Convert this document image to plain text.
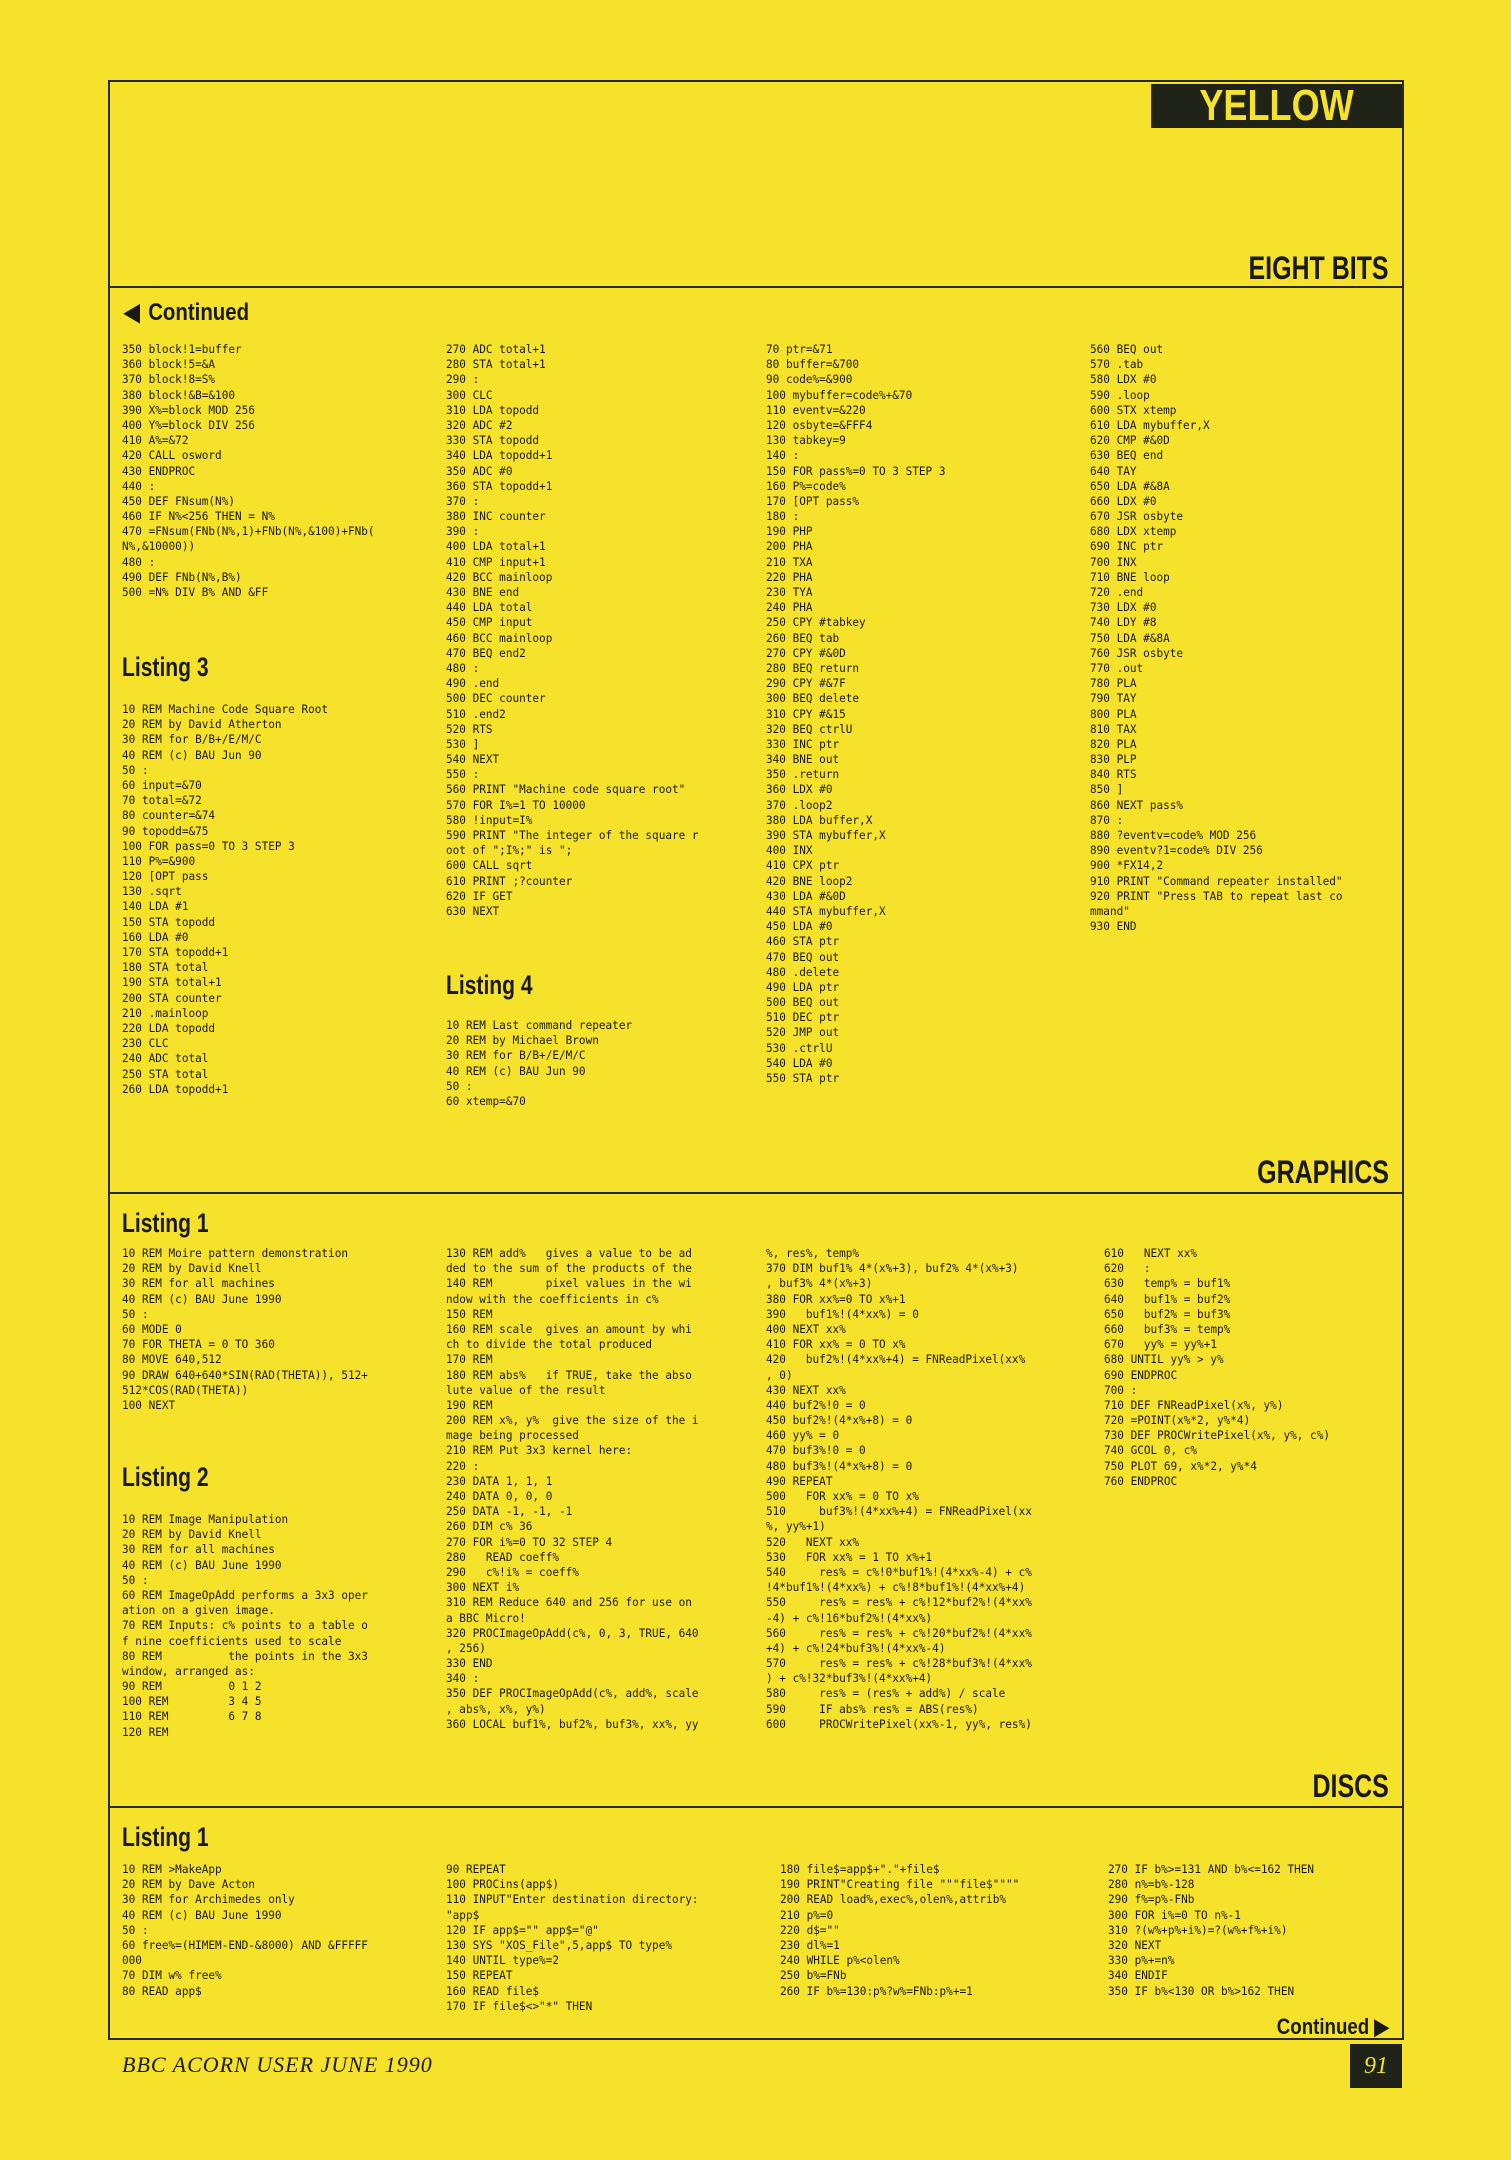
YELLOW PAGES
EIGHT BITS
◀ Continued
350 block!1=buffer
360 block!5=&A
370 block!8=S%
380 block!&B=&100
390 X%=block MOD 256
400 Y%=block DIV 256
410 A%=&72
420 CALL osword
430 ENDPROC
440 :
450 DEF FNsum(N%)
460 IF N%<256 THEN = N%
470 =FNsum(FNb(N%,1)+FNb(N%,&100)+FNb(
N%,&10000))
480 :
490 DEF FNb(N%,B%)
500 =N% DIV B% AND &FF
Listing 3
10 REM Machine Code Square Root
20 REM by David Atherton
30 REM for B/B+/E/M/C
40 REM (c) BAU Jun 90
50 :
60 input=&70
70 total=&72
80 counter=&74
90 topodd=&75
100 FOR pass=0 TO 3 STEP 3
110 P%=&900
120 [OPT pass
130 .sqrt
140 LDA #1
150 STA topodd
160 LDA #0
170 STA topodd+1
180 STA total
190 STA total+1
200 STA counter
210 .mainloop
220 LDA topodd
230 CLC
240 ADC total
250 STA total
260 LDA topodd+1
270 ADC total+1
280 STA total+1
290 :
300 CLC
310 LDA topodd
320 ADC #2
330 STA topodd
340 LDA topodd+1
350 ADC #0
360 STA topodd+1
370 :
380 INC counter
390 :
400 LDA total+1
410 CMP input+1
420 BCC mainloop
430 BNE end
440 LDA total
450 CMP input
460 BCC mainloop
470 BEQ end2
480 :
490 .end
500 DEC counter
510 .end2
520 RTS
530 ]
540 NEXT
550 :
560 PRINT "Machine code square root"
570 FOR I%=1 TO 10000
580 !input=I%
590 PRINT "The integer of the square r
oot of ";I%;" is ";
600 CALL sqrt
610 PRINT ;?counter
620 IF GET
630 NEXT
Listing 4
10 REM Last command repeater
20 REM by Michael Brown
30 REM for B/B+/E/M/C
40 REM (c) BAU Jun 90
50 :
60 xtemp=&70
70 ptr=&71
80 buffer=&700
90 code%=&900
100 mybuffer=code%+&70
110 eventv=&220
120 osbyte=&FFF4
130 tabkey=9
140 :
150 FOR pass%=0 TO 3 STEP 3
160 P%=code%
170 [OPT pass%
180 :
190 PHP
200 PHA
210 TXA
220 PHA
230 TYA
240 PHA
250 CPY #tabkey
260 BEQ tab
270 CPY #&0D
280 BEQ return
290 CPY #&7F
300 BEQ delete
310 CPY #&15
320 BEQ ctrlU
330 INC ptr
340 BNE out
350 .return
360 LDX #0
370 .loop2
380 LDA buffer,X
390 STA mybuffer,X
400 INX
410 CPX ptr
420 BNE loop2
430 LDA #&0D
440 STA mybuffer,X
450 LDA #0
460 STA ptr
470 BEQ out
480 .delete
490 LDA ptr
500 BEQ out
510 DEC ptr
520 JMP out
530 .ctrlU
540 LDA #0
550 STA ptr
560 BEQ out
570 .tab
580 LDX #0
590 .loop
600 STX xtemp
610 LDA mybuffer,X
620 CMP #&0D
630 BEQ end
640 TAY
650 LDA #&8A
660 LDX #0
670 JSR osbyte
680 LDX xtemp
690 INC ptr
700 INX
710 BNE loop
720 .end
730 LDX #0
740 LDY #8
750 LDA #&8A
760 JSR osbyte
770 .out
780 PLA
790 TAY
800 PLA
810 TAX
820 PLA
830 PLP
840 RTS
850 ]
860 NEXT pass%
870 :
880 ?eventv=code% MOD 256
890 eventv?1=code% DIV 256
900 *FX14,2
910 PRINT "Command repeater installed"
920 PRINT "Press TAB to repeat last co
mmand"
930 END
GRAPHICS
Listing 1
10 REM Moire pattern demonstration
20 REM by David Knell
30 REM for all machines
40 REM (c) BAU June 1990
50 :
60 MODE 0
70 FOR THETA = 0 TO 360
80 MOVE 640,512
90 DRAW 640+640*SIN(RAD(THETA)), 512+
512*COS(RAD(THETA))
100 NEXT
Listing 2
10 REM Image Manipulation
20 REM by David Knell
30 REM for all machines
40 REM (c) BAU June 1990
50 :
60 REM ImageOpAdd performs a 3x3 oper
ation on a given image.
70 REM Inputs: c% points to a table o
f nine coefficients used to scale
80 REM          the points in the 3x3
window, arranged as:
90 REM          0 1 2
100 REM         3 4 5
110 REM         6 7 8
120 REM
130 REM add%   gives a value to be ad
ded to the sum of the products of the
140 REM        pixel values in the wi
ndow with the coefficients in c%
150 REM
160 REM scale  gives an amount by whi
ch to divide the total produced
170 REM
180 REM abs%   if TRUE, take the abso
lute value of the result
190 REM
200 REM x%, y%  give the size of the i
mage being processed
210 REM Put 3x3 kernel here:
220 :
230 DATA 1, 1, 1
240 DATA 0, 0, 0
250 DATA -1, -1, -1
260 DIM c% 36
270 FOR i%=0 TO 32 STEP 4
280   READ coeff%
290   c%!i% = coeff%
300 NEXT i%
310 REM Reduce 640 and 256 for use on
a BBC Micro!
320 PROCImageOpAdd(c%, 0, 3, TRUE, 640
, 256)
330 END
340 :
350 DEF PROCImageOpAdd(c%, add%, scale
, abs%, x%, y%)
360 LOCAL buf1%, buf2%, buf3%, xx%, yy
%, res%, temp%
370 DIM buf1% 4*(x%+3), buf2% 4*(x%+3)
, buf3% 4*(x%+3)
380 FOR xx%=0 TO x%+1
390   buf1%!(4*xx%) = 0
400 NEXT xx%
410 FOR xx% = 0 TO x%
420   buf2%!(4*xx%+4) = FNReadPixel(xx%
, 0)
430 NEXT xx%
440 buf2%!0 = 0
450 buf2%!(4*x%+8) = 0
460 yy% = 0
470 buf3%!0 = 0
480 buf3%!(4*x%+8) = 0
490 REPEAT
500   FOR xx% = 0 TO x%
510     buf3%!(4*xx%+4) = FNReadPixel(xx
%, yy%+1)
520   NEXT xx%
530   FOR xx% = 1 TO x%+1
540     res% = c%!0*buf1%!(4*xx%-4) + c%
!4*buf1%!(4*xx%) + c%!8*buf1%!(4*xx%+4)
550     res% = res% + c%!12*buf2%!(4*xx%
-4) + c%!16*buf2%!(4*xx%)
560     res% = res% + c%!20*buf2%!(4*xx%
+4) + c%!24*buf3%!(4*xx%-4)
570     res% = res% + c%!28*buf3%!(4*xx%
) + c%!32*buf3%!(4*xx%+4)
580     res% = (res% + add%) / scale
590     IF abs% res% = ABS(res%)
600     PROCWritePixel(xx%-1, yy%, res%)
610   NEXT xx%
620   :
630   temp% = buf1%
640   buf1% = buf2%
650   buf2% = buf3%
660   buf3% = temp%
670   yy% = yy%+1
680 UNTIL yy% > y%
690 ENDPROC
700 :
710 DEF FNReadPixel(x%, y%)
720 =POINT(x%*2, y%*4)
730 DEF PROCWritePixel(x%, y%, c%)
740 GCOL 0, c%
750 PLOT 69, x%*2, y%*4
760 ENDPROC
DISCS
Listing 1
10 REM >MakeApp
20 REM by Dave Acton
30 REM for Archimedes only
40 REM (c) BAU June 1990
50 :
60 free%=(HIMEM-END-&8000) AND &FFFFF
000
70 DIM w% free%
80 READ app$
90 REPEAT
100 PROCins(app$)
110 INPUT"Enter destination directory:
"app$
120 IF app$="" app$="@"
130 SYS "XOS_File",5,app$ TO type%
140 UNTIL type%=2
150 REPEAT
160 READ file$
170 IF file$<>"*" THEN
180 file$=app$+"."+file$
190 PRINT"Creating file """file$""""
200 READ load%,exec%,olen%,attrib%
210 p%=0
220 d$=""
230 dl%=1
240 WHILE p%<olen%
250 b%=FNb
260 IF b%=130:p%?w%=FNb:p%+=1
270 IF b%>=131 AND b%<=162 THEN
280 n%=b%-128
290 f%=p%-FNb
300 FOR i%=0 TO n%-1
310 ?(w%+p%+i%)=?(w%+f%+i%)
320 NEXT
330 p%+=n%
340 ENDIF
350 IF b%<130 OR b%>162 THEN
Continued ▶
BBC ACORN USER JUNE 1990	91
